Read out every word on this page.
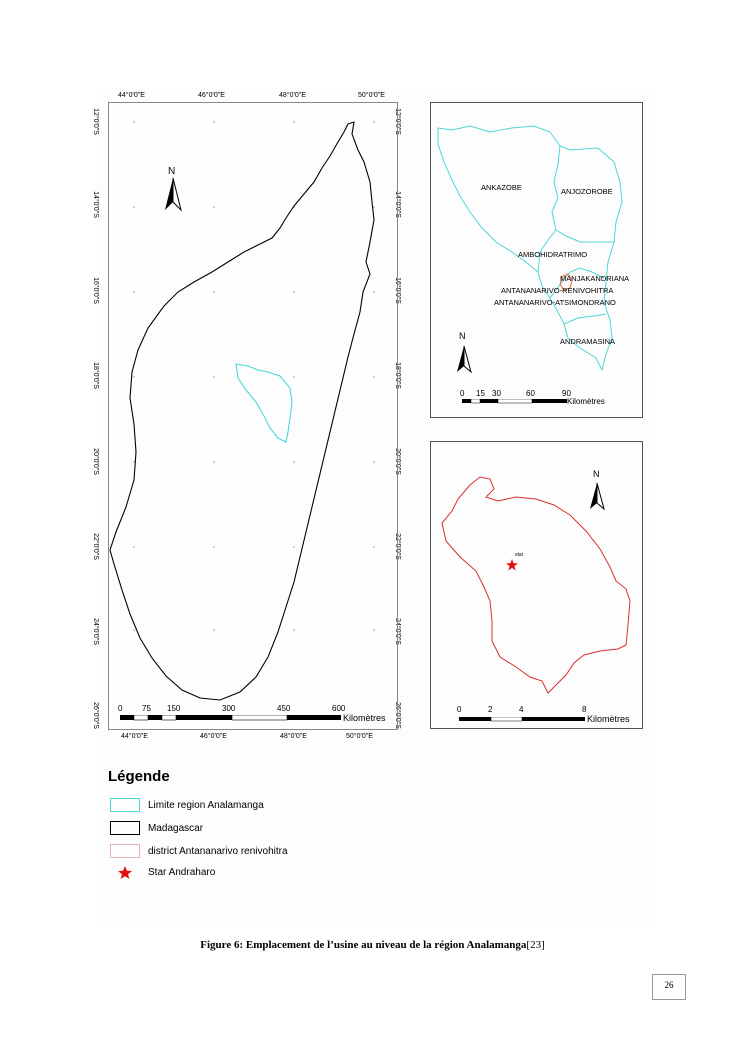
44°0'0"E	46°0'0"E	48°0'0"E	50°0'0"E
44°0'0"E	46°0'0"E	48°0'0"E	50°0'0"E
12°0'0"S
14°0'0"S
16°0'0"S
18°0'0"S
20°0'0"S
22°0'0"S
24°0'0"S
26°0'0"S
12°0'0"S
14°0'0"S
16°0'0"S
18°0'0"S
20°0'0"S
22°0'0"S
24°0'0"S
26°0'0"S
N
0 75 150	300	450	600
Kilomètres
ANKAZOBE	ANJOZOROBE
AMBOHIDRATRIMO
MANJAKANDRIANA
ANTANANARIVO-RENIVOHITRA
ANTANANARIVO-ATSIMONDRANO
ANDRAMASINA
N
0 15 30	60	90
Kilomètres
star
N
0	2	4	8
Kilomètres
Légende
Limite region Analamanga
Madagascar
district Antananarivo renivohitra
Star Andraharo
Figure 6: Emplacement de l’usine au niveau de la région Analamanga[23]
26
